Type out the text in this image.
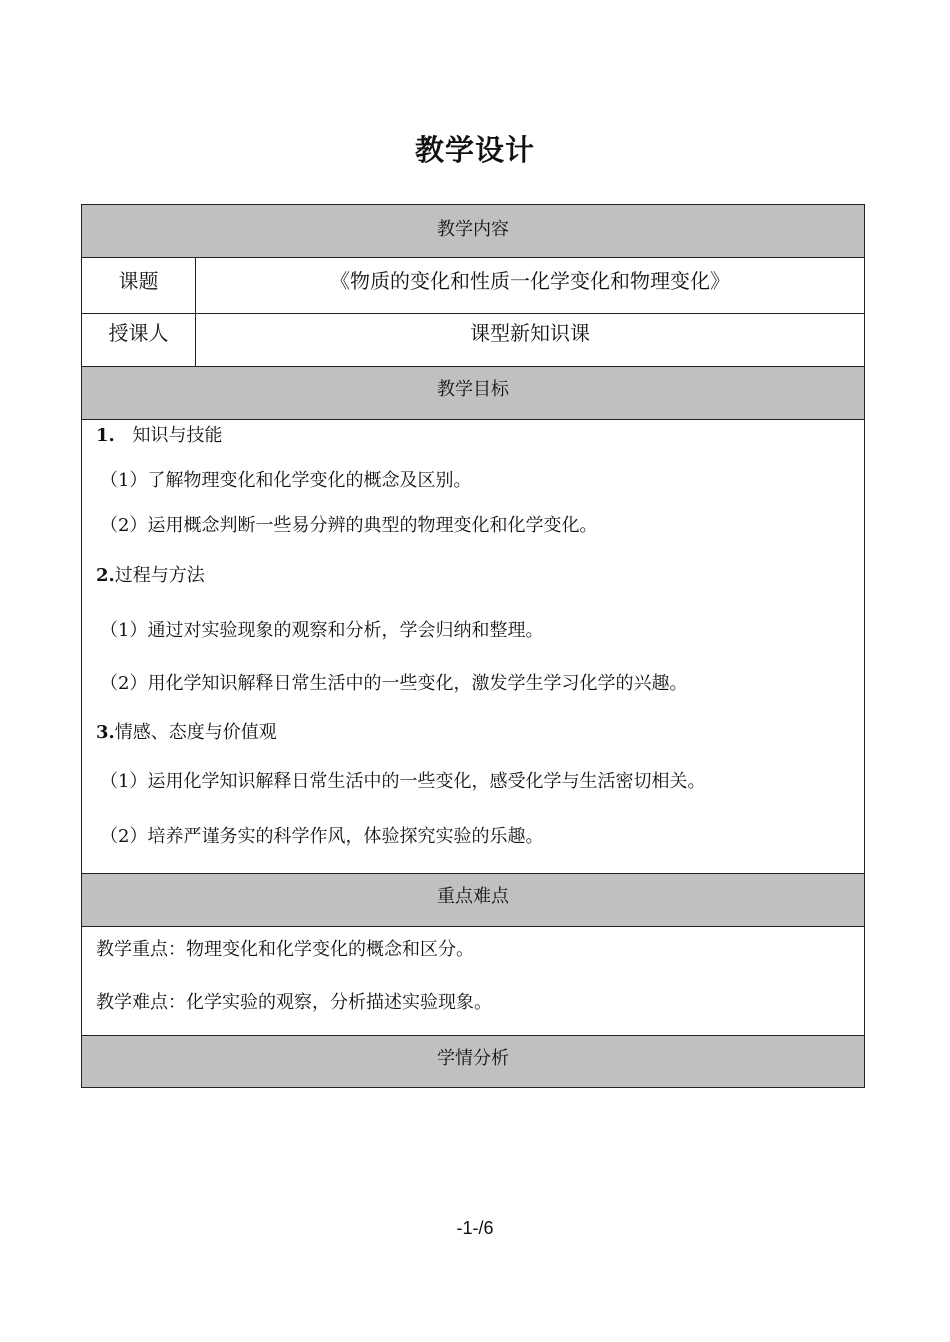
教学设计
教学内容
课题	《物质的变化和性质一化学变化和物理变化》
授课人	课型新知识课
教学目标
1. 知识与技能
（1）了解物理变化和化学变化的概念及区别。
（2）运用概念判断一些易分辨的典型的物理变化和化学变化。
2.过程与方法
（1）通过对实验现象的观察和分析，学会归纳和整理。
（2）用化学知识解释日常生活中的一些变化，激发学生学习化学的兴趣。
3.情感、态度与价值观
（1）运用化学知识解释日常生活中的一些变化，感受化学与生活密切相关。
（2）培养严谨务实的科学作风，体验探究实验的乐趣。
重点难点
教学重点：物理变化和化学变化的概念和区分。
教学难点：化学实验的观察，分析描述实验现象。
学情分析
-1-/6
